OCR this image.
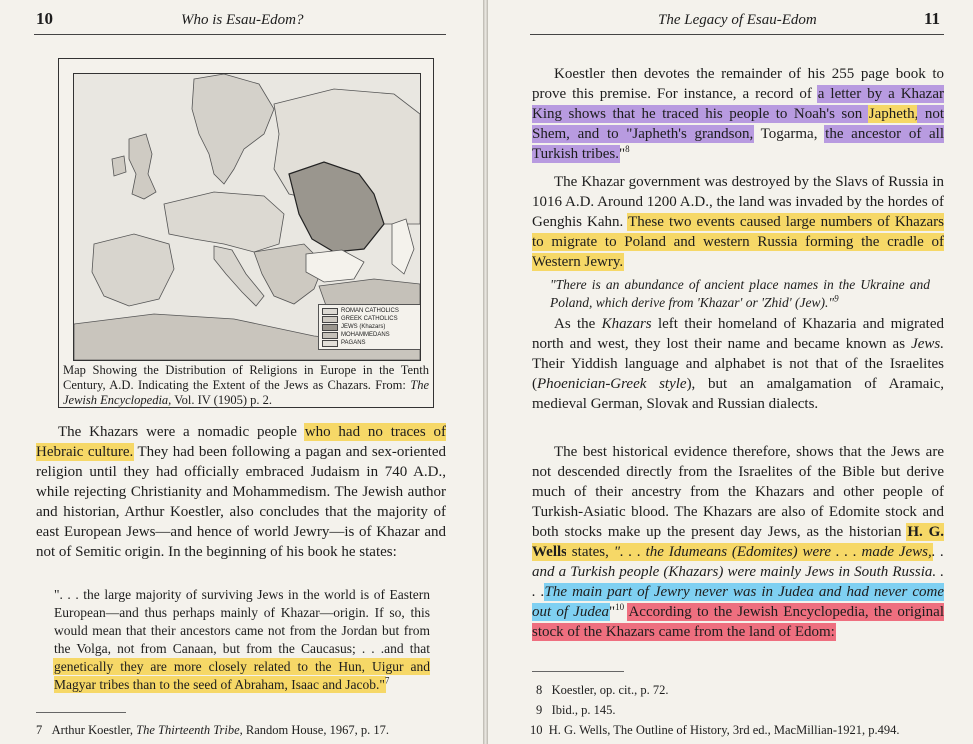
10	Who is Esau-Edom?
ROMAN CATHOLICS
GREEK CATHOLICS
JEWS (Khazars)
MOHAMMEDANS
PAGANS
Map Showing the Distribution of Religions in Europe in the Tenth Century, A.D. Indicating the Extent of the Jews as Chazars. From: The Jewish Encyclopedia, Vol. IV (1905) p. 2.

The Khazars were a nomadic people who had no traces of Hebraic culture. They had been following a pagan and sex-oriented religion until they had officially embraced Judaism in 740 A.D., while rejecting Christianity and Mohammedism. The Jewish author and historian, Arthur Koestler, also concludes that the majority of east European Jews—and hence of world Jewry—is of Khazar and not of Semitic origin. In the beginning of his book he states:

". . . the large majority of surviving Jews in the world is of Eastern European—and thus perhaps mainly of Khazar—origin. If so, this would mean that their ancestors came not from the Jordan but from the Volga, not from Canaan, but from the Caucasus; . . .and that genetically they are more closely related to the Hun, Uigur and Magyar tribes than to the seed of Abraham, Isaac and Jacob."$^7$

7 Arthur Koestler, The Thirteenth Tribe, Random House, 1967, p. 17.
The Legacy of Esau-Edom	11

Koestler then devotes the remainder of his 255 page book to prove this premise. For instance, a record of a letter by a Khazar King shows that he traced his people to Noah's son Japheth, not Shem, and to "Japheth's grandson, Togarma, the ancestor of all Turkish tribes."$^8$

The Khazar government was destroyed by the Slavs of Russia in 1016 A.D. Around 1200 A.D., the land was invaded by the hordes of Genghis Kahn. These two events caused large numbers of Khazars to migrate to Poland and western Russia forming the cradle of Western Jewry.

"There is an abundance of ancient place names in the Ukraine and Poland, which derive from 'Khazar' or 'Zhid' (Jew)."$^9$

As the Khazars left their homeland of Khazaria and migrated north and west, they lost their name and became known as Jews. Their Yiddish language and alphabet is not that of the Israelites (Phoenician-Greek style), but an amalgamation of Aramaic, medieval German, Slovak and Russian dialects.

The best historical evidence therefore, shows that the Jews are not descended directly from the Israelites of the Bible but derive much of their ancestry from the Khazars and other people of Turkish-Asiatic blood. The Khazars are also of Edomite stock and both stocks make up the present day Jews, as the historian H. G. Wells states, ". . . the Idumeans (Edomites) were . . . made Jews,. . and a Turkish people (Khazars) were mainly Jews in South Russia. . . .The main part of Jewry never was in Judea and had never come out of Judea"$^{10}$ According to the Jewish Encyclopedia, the original stock of the Khazars came from the land of Edom:

8 Koestler, op. cit., p. 72.
9 Ibid., p. 145.
10 H. G. Wells, The Outline of History, 3rd ed., MacMillian-1921, p.494.
